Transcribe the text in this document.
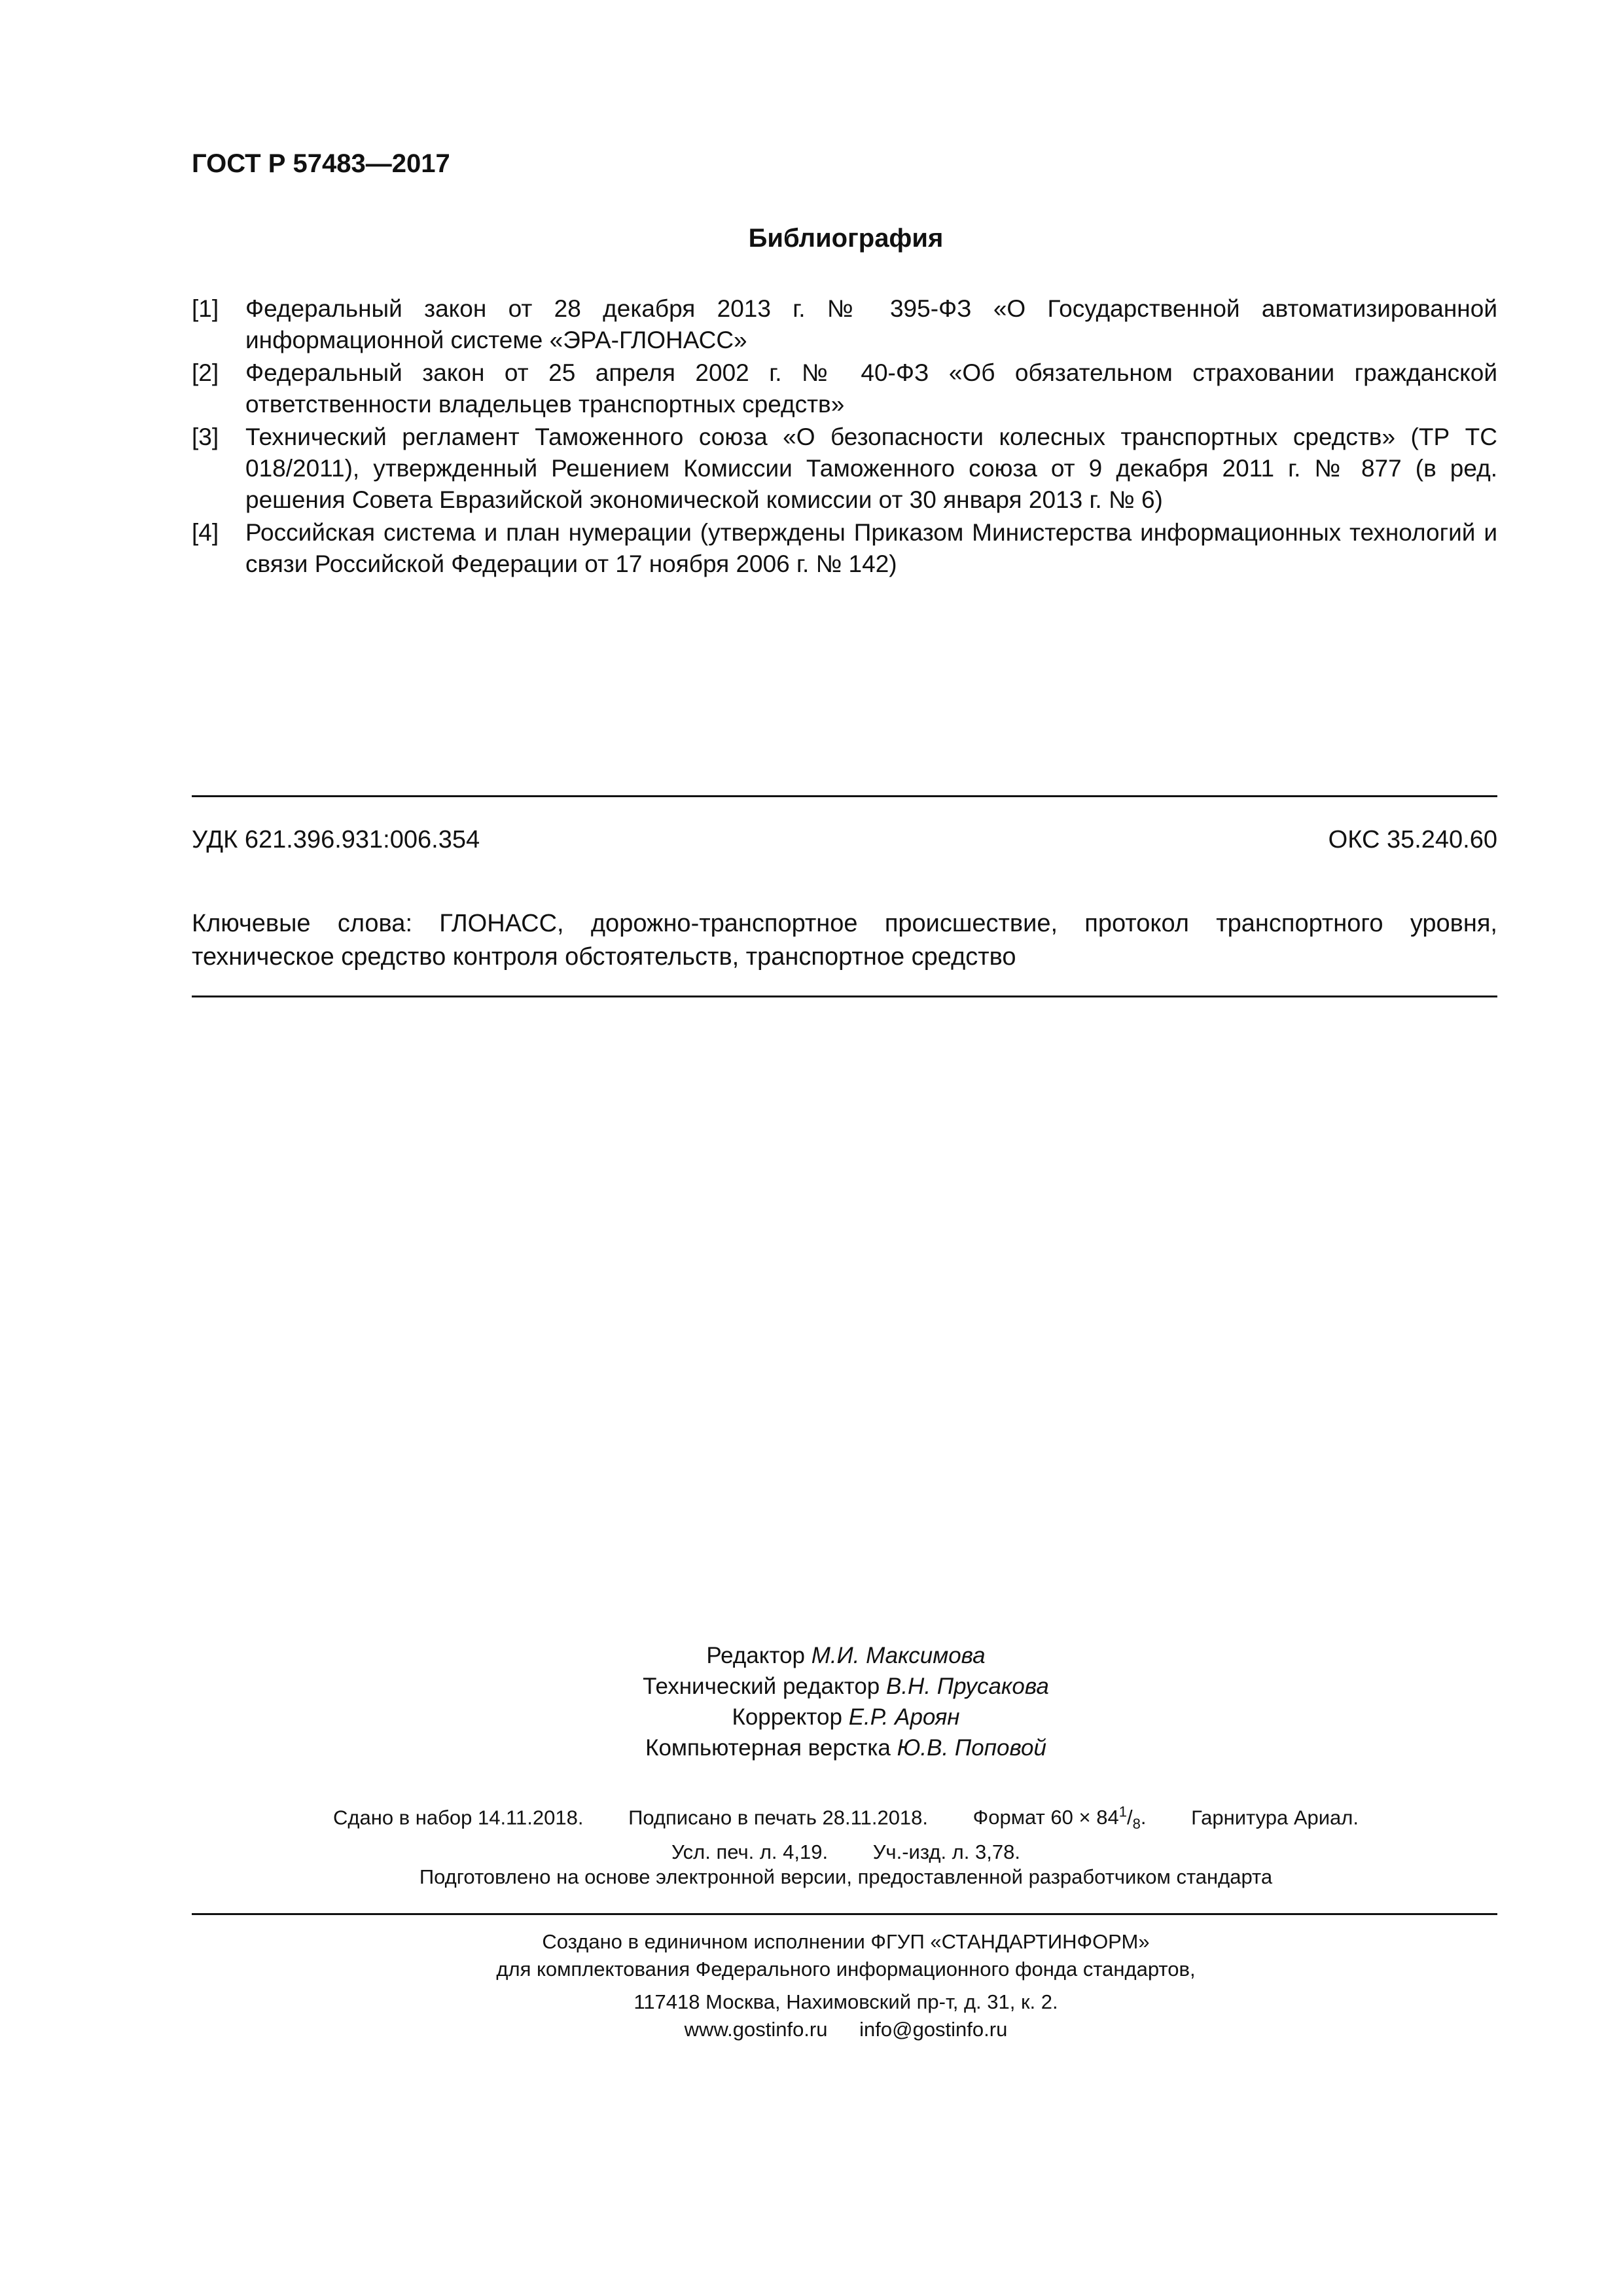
ГОСТ Р 57483—2017
Библиография
[1]	Федеральный закон от 28 декабря 2013 г. № 395-ФЗ «О Государственной автоматизированной информационной системе «ЭРА-ГЛОНАСС»
[2]	Федеральный закон от 25 апреля 2002 г. № 40-ФЗ «Об обязательном страховании гражданской ответственности владельцев транспортных средств»
[3]	Технический регламент Таможенного союза «О безопасности колесных транспортных средств» (ТР ТС 018/2011), утвержденный Решением Комиссии Таможенного союза от 9 декабря 2011 г. № 877 (в ред. решения Совета Евразийской экономической комиссии от 30 января 2013 г. № 6)
[4]	Российская система и план нумерации (утверждены Приказом Министерства информационных технологий и связи Российской Федерации от 17 ноября 2006 г. № 142)
УДК 621.396.931:006.354	ОКС 35.240.60
Ключевые слова: ГЛОНАСС, дорожно-транспортное происшествие, протокол транспортного уровня, техническое средство контроля обстоятельств, транспортное средство
Редактор М.И. Максимова
Технический редактор В.Н. Прусакова
Корректор Е.Р. Ароян
Компьютерная верстка Ю.В. Поповой
Сдано в набор 14.11.2018. Подписано в печать 28.11.2018. Формат $60 \times 84^1/_8$. Гарнитура Ариал.
Усл. печ. л. 4,19. Уч.-изд. л. 3,78.
Подготовлено на основе электронной версии, предоставленной разработчиком стандарта
Создано в единичном исполнении ФГУП «СТАНДАРТИНФОРМ»
для комплектования Федерального информационного фонда стандартов,
117418 Москва, Нахимовский пр-т, д. 31, к. 2.
www.gostinfo.ru info@gostinfo.ru
